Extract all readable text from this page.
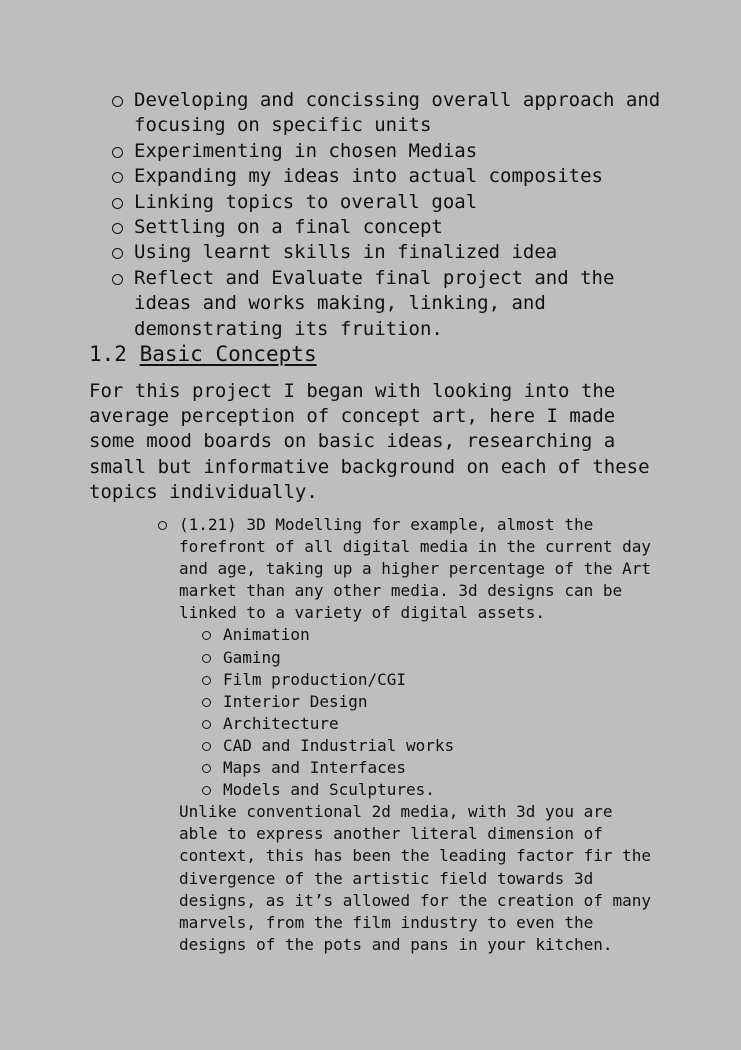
Developing and concissing overall approach and focusing on specific units
Experimenting in chosen Medias
Expanding my ideas into actual composites
Linking topics to overall goal
Settling on a final concept
Using learnt skills in finalized idea
Reflect and Evaluate final project and the ideas and works making, linking, and demonstrating its fruition.
1.2 Basic Concepts

For this project I began with looking into the average perception of concept art, here I made some mood boards on basic ideas, researching a small but informative background on each of these topics individually.

(1.21) 3D Modelling for example, almost the forefront of all digital media in the current day and age, taking up a higher percentage of the Art market than any other media. 3d designs can be linked to a variety of digital assets.
Animation
Gaming
Film production/CGI
Interior Design
Architecture
CAD and Industrial works
Maps and Interfaces
Models and Sculptures.

Unlike conventional 2d media, with 3d you are able to express another literal dimension of context, this has been the leading factor fir the divergence of the artistic field towards 3d designs, as it’s allowed for the creation of many marvels, from the film industry to even the designs of the pots and pans in your kitchen.
